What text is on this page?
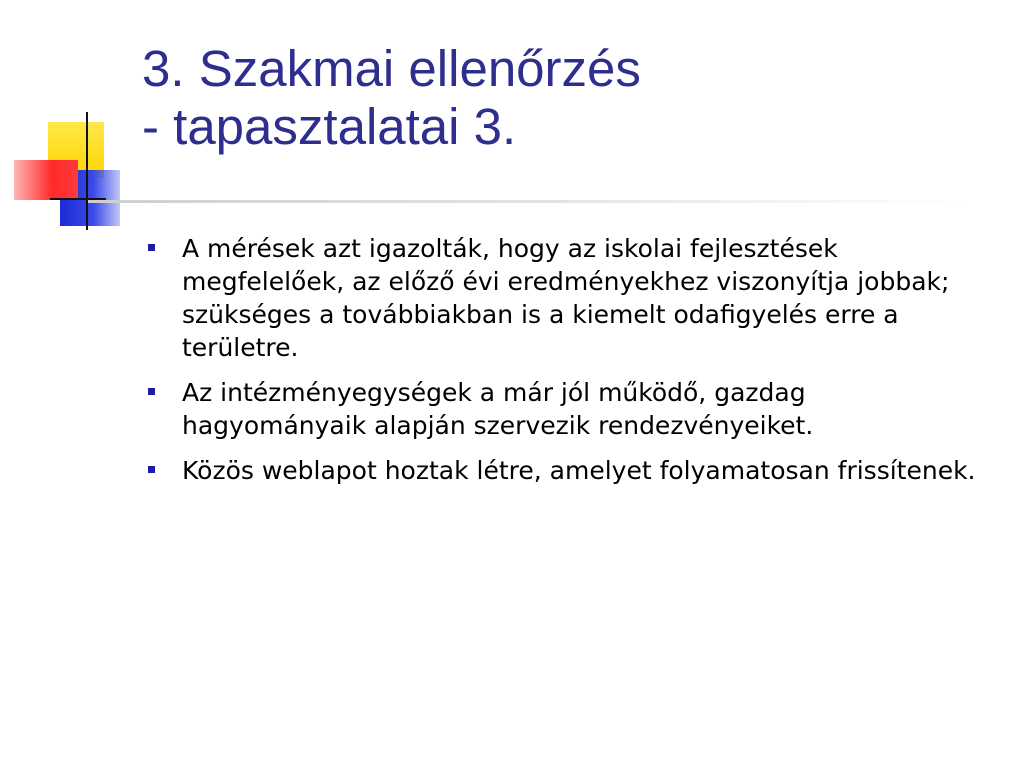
3. Szakmai ellenőrzés
- tapasztalatai 3.
A mérések azt igazolták, hogy az iskolai fejlesztések megfelelőek, az előző évi eredményekhez viszonyítja jobbak; szükséges a továbbiakban is a kiemelt odafigyelés erre a területre.
Az intézményegységek a már jól működő, gazdag hagyományaik alapján szervezik rendezvényeiket.
Közös weblapot hoztak létre, amelyet folyamatosan frissítenek.
